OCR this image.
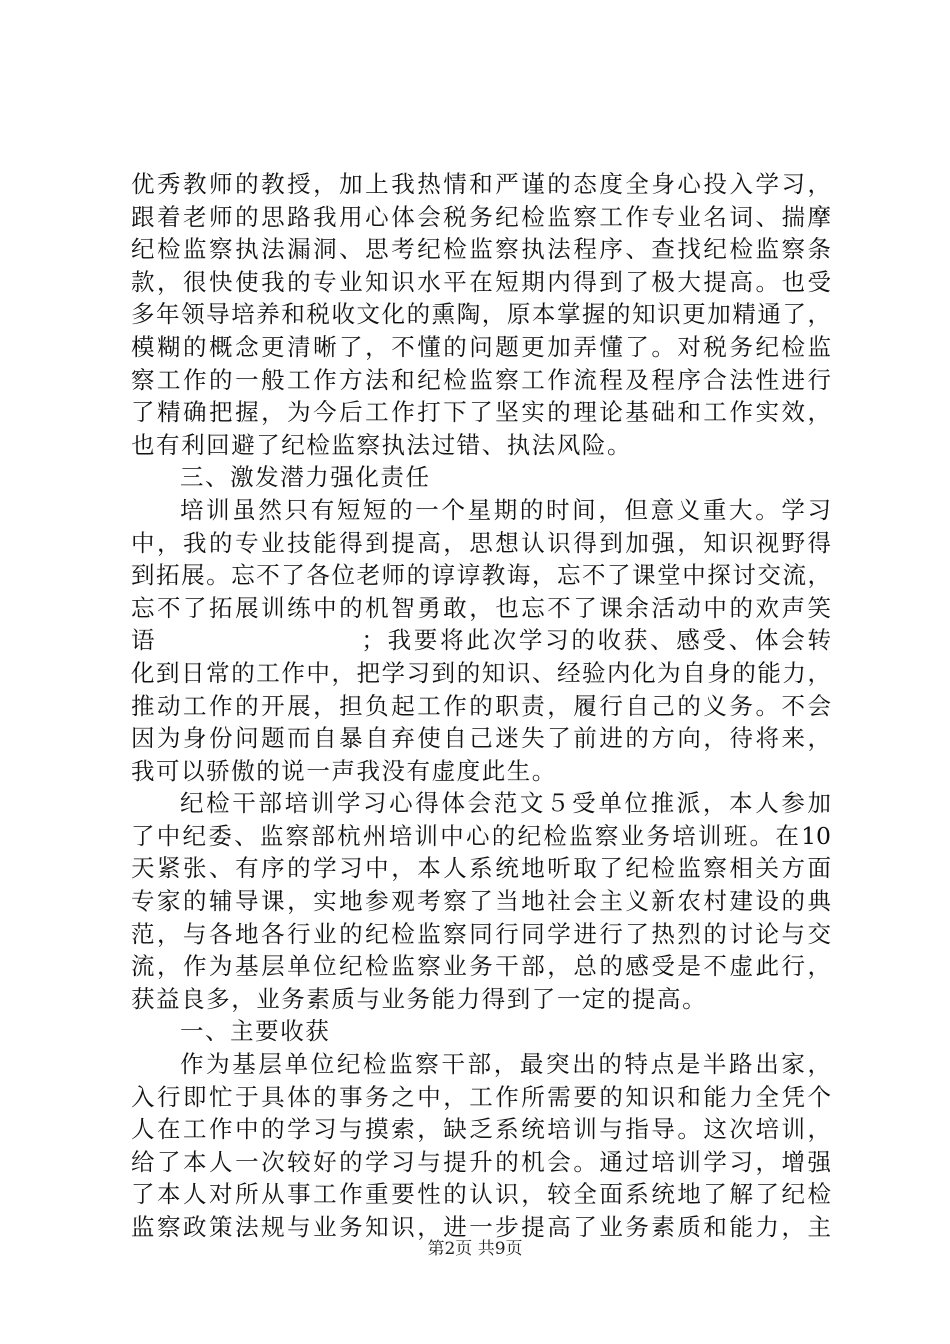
优秀教师的教授，加上我热情和严谨的态度全身心投入学习，
跟着老师的思路我用心体会税务纪检监察工作专业名词、揣摩
纪检监察执法漏洞、思考纪检监察执法程序、查找纪检监察条
款，很快使我的专业知识水平在短期内得到了极大提高。也受
多年领导培养和税收文化的熏陶，原本掌握的知识更加精通了，
模糊的概念更清晰了，不懂的问题更加弄懂了。对税务纪检监
察工作的一般工作方法和纪检监察工作流程及程序合法性进行
了精确把握，为今后工作打下了坚实的理论基础和工作实效，
也有利回避了纪检监察执法过错、执法风险。
三、激发潜力强化责任
培训虽然只有短短的一个星期的时间，但意义重大。学习
中，我的专业技能得到提高，思想认识得到加强，知识视野得
到拓展。忘不了各位老师的谆谆教诲，忘不了课堂中探讨交流，
忘不了拓展训练中的机智勇敢，也忘不了课余活动中的欢声笑
语                    ；我要将此次学习的收获、感受、体会转
化到日常的工作中，把学习到的知识、经验内化为自身的能力，
推动工作的开展，担负起工作的职责，履行自己的义务。不会
因为身份问题而自暴自弃使自己迷失了前进的方向，待将来，
我可以骄傲的说一声我没有虚度此生。
纪检干部培训学习心得体会范文５受单位推派，本人参加
了中纪委、监察部杭州培训中心的纪检监察业务培训班。在10
天紧张、有序的学习中，本人系统地听取了纪检监察相关方面
专家的辅导课，实地参观考察了当地社会主义新农村建设的典
范，与各地各行业的纪检监察同行同学进行了热烈的讨论与交
流，作为基层单位纪检监察业务干部，总的感受是不虚此行，
获益良多，业务素质与业务能力得到了一定的提高。
一、主要收获
作为基层单位纪检监察干部，最突出的特点是半路出家，
入行即忙于具体的事务之中，工作所需要的知识和能力全凭个
人在工作中的学习与摸索，缺乏系统培训与指导。这次培训，
给了本人一次较好的学习与提升的机会。通过培训学习，增强
了本人对所从事工作重要性的认识，较全面系统地了解了纪检
监察政策法规与业务知识，进一步提高了业务素质和能力，主
第2页 共9页
